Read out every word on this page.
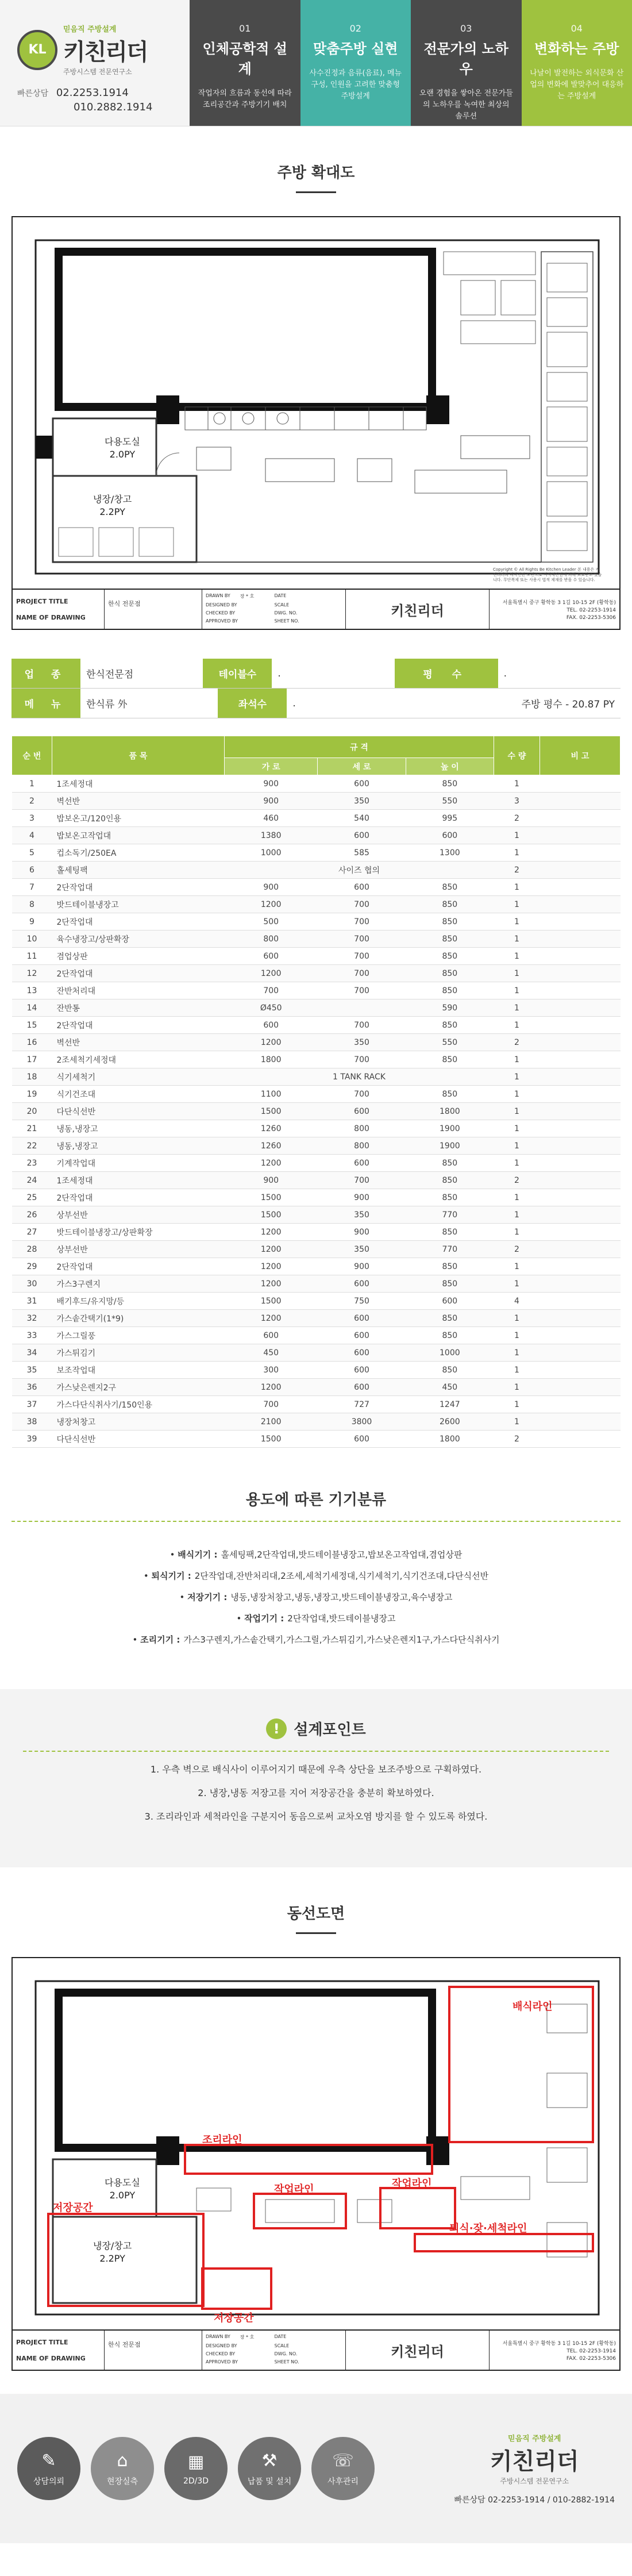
KL
믿음직 주방설계
키친리더
주방시스템 전문연구소
빠른상담 02.2253.1914
010.2882.1914
01
인체공학적 설계
작업자의 흐름과 동선에 따라 조리공간과 주방기기 배치
02
맞춤주방 실현
사수진정과 음류(음료), 메뉴구성, 인원을 고려한 맞춤형 주방설계
03
전문가의 노하우
오랜 경험을 쌓아온 전문가들의 노하우를 녹여한 최상의 솔루션
04
변화하는 주방
나날이 발전하는 외식문화 산업의 변화에 발맞추어 대응하는 주방설계
주방 확대도
다용도실
2.0PY
냉장/창고
2.2PY
Copyright © All Rights Be Kitchen Leader 본 내용은 키친리더의 디자인한 도면으로 지적재산권에 의해 보호받고 있습니다. 무단복제 또는 사용시 법적 제재를 받을 수 있습니다.
PROJECT TITLE
NAME OF DRAWING
한식 전문점
DRAWN BY	장 * 호	DATE
DESIGNED BY	SCALE
CHECKED BY	DWG. NO.
APPROVED BY	SHEET NO.
키친리더	서울특별시 중구 황학동 3 1길 10-15 2F (황학동)
TEL. 02-2253-1914
FAX. 02-2253-5306
업 종	한식전문점	테이블수	.	평 수	.
메 뉴	한식류 外	좌석수	.	주방 평수 - 20.87 PY
순 번	품 목	규 격			수 량	비 고
		가 로	세 로	높 이		
1	1조세정대	900	600	850	1	
2	벽선반	900	350	550	3	
3	밥보온고/120인용	460	540	995	2	
4	밥보온고작업대	1380	600	600	1	
5	컵소독기/250EA	1000	585	1300	1	
6	홀세팅팩	사이즈 협의			2	
7	2단작업대	900	600	850	1	
8	밧드테이블냉장고	1200	700	850	1	
9	2단작업대	500	700	850	1	
10	육수냉장고/상판확장	800	700	850	1	
11	겸업상판	600	700	850	1	
12	2단작업대	1200	700	850	1	
13	잔반처리대	700	700	850	1	
14	잔반통	Ø450		590	1	
15	2단작업대	600	700	850	1	
16	벽선반	1200	350	550	2	
17	2조세척기세정대	1800	700	850	1	
18	식기세척기	1 TANK RACK			1	
19	식기건조대	1100	700	850	1	
20	다단식선반	1500	600	1800	1	
21	냉동,냉장고	1260	800	1900	1	
22	냉동,냉장고	1260	800	1900	1	
23	기계작업대	1200	600	850	1	
24	1조세정대	900	700	850	2	
25	2단작업대	1500	900	850	1	
26	상부선반	1500	350	770	1	
27	밧드테이블냉장고/상판확장	1200	900	850	1	
28	상부선반	1200	350	770	2	
29	2단작업대	1200	900	850	1	
30	가스3구렌지	1200	600	850	1	
31	배기후드/유지망/등	1500	750	600	4	
32	가스솥간택기(1*9)	1200	600	850	1	
33	가스그릴풍	600	600	850	1	
34	가스튀김기	450	600	1000	1	
35	보조작업대	300	600	850	1	
36	가스낮은렌지2구	1200	600	450	1	
37	가스다단식취사기/150인용	700	727	1247	1	
38	냉장처창고	2100	3800	2600	1	
39	다단식선반	1500	600	1800	2	
용도에 따른 기기분류
• 배식기기 : 홀세팅팩,2단작업대,밧드테이블냉장고,밥보온고작업대,겸업상판
• 퇴식기기 : 2단작업대,잔반처리대,2조세,세척기세정대,식기세척기,식기건조대,다단식선반
• 저장기기 : 냉동,냉장처창고,냉동,냉장고,밧드테이블냉장고,육수냉장고
• 작업기기 : 2단작업대,밧드테이블냉장고
• 조리기기 : 가스3구렌지,가스솥간택기,가스그릴,가스튀김기,가스낮은렌지1구,가스다단식취사기
! 설계포인트
1. 우측 벽으로 배식사이 이루어지기 때문에 우측 상단을 보조주방으로 구획하였다.
2. 냉장,냉동 저장고를 지어 저장공간을 충분히 확보하였다.
3. 조리라인과 세척라인을 구분지어 동음으로써 교차오염 방지를 할 수 있도록 하였다.
동선도면
배식라인
조리라인
작업라인	작업라인
저장공간
저장공간
퇴식·잦·세척라인
다용도실
2.0PY
냉장/창고
2.2PY
PROJECT TITLE
NAME OF DRAWING
한식 전문점
DRAWN BY	장 * 호	DATE
DESIGNED BY	SCALE
CHECKED BY	DWG. NO.
APPROVED BY	SHEET NO.
키친리더	서울특별시 중구 황학동 3 1길 10-15 2F (황학동)
TEL. 02-2253-1914
FAX. 02-2253-5306
✎
상담의뢰
⌂
현장실측
▦
2D/3D
⚒
납품 및 설치
☏
사후관리
믿음직 주방설계
키친리더
주방시스템 전문연구소
빠른상담 02-2253-1914 / 010-2882-1914
